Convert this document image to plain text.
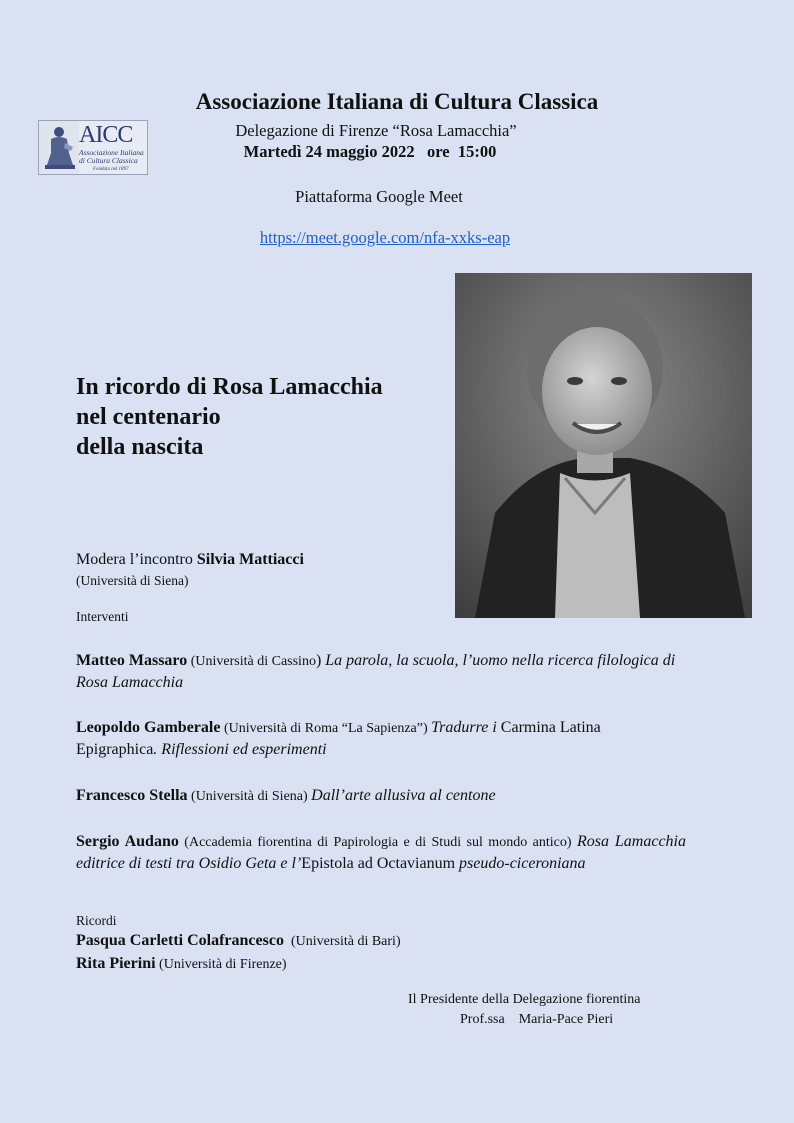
Associazione Italiana di Cultura Classica
Delegazione di Firenze “Rosa Lamacchia”
Martedì 24 maggio 2022   ore  15:00
Piattaforma Google Meet
https://meet.google.com/nfa-xxks-eap
AICC
Associazione Italiana
di Cultura Classica
Fondata nel 1897
In ricordo di Rosa Lamacchia
nel centenario
della nascita
Modera l’incontro Silvia Mattiacci
(Università di Siena)
Interventi
Matteo Massaro (Università di Cassino) La parola, la scuola, l’uomo nella ricerca filologica di Rosa Lamacchia
Leopoldo Gamberale (Università di Roma “La Sapienza”) Tradurre i Carmina Latina Epigraphica. Riflessioni ed esperimenti
Francesco Stella (Università di Siena) Dall’arte allusiva al centone
Sergio Audano (Accademia fiorentina di Papirologia e di Studi sul mondo antico) Rosa Lamacchia editrice di testi tra Osidio Geta e l’Epistola ad Octavianum pseudo-ciceroniana
Ricordi
Pasqua Carletti Colafrancesco  (Università di Bari)
Rita Pierini (Università di Firenze)
Il Presidente della Delegazione fiorentina
Prof.ssa    Maria-Pace Pieri
